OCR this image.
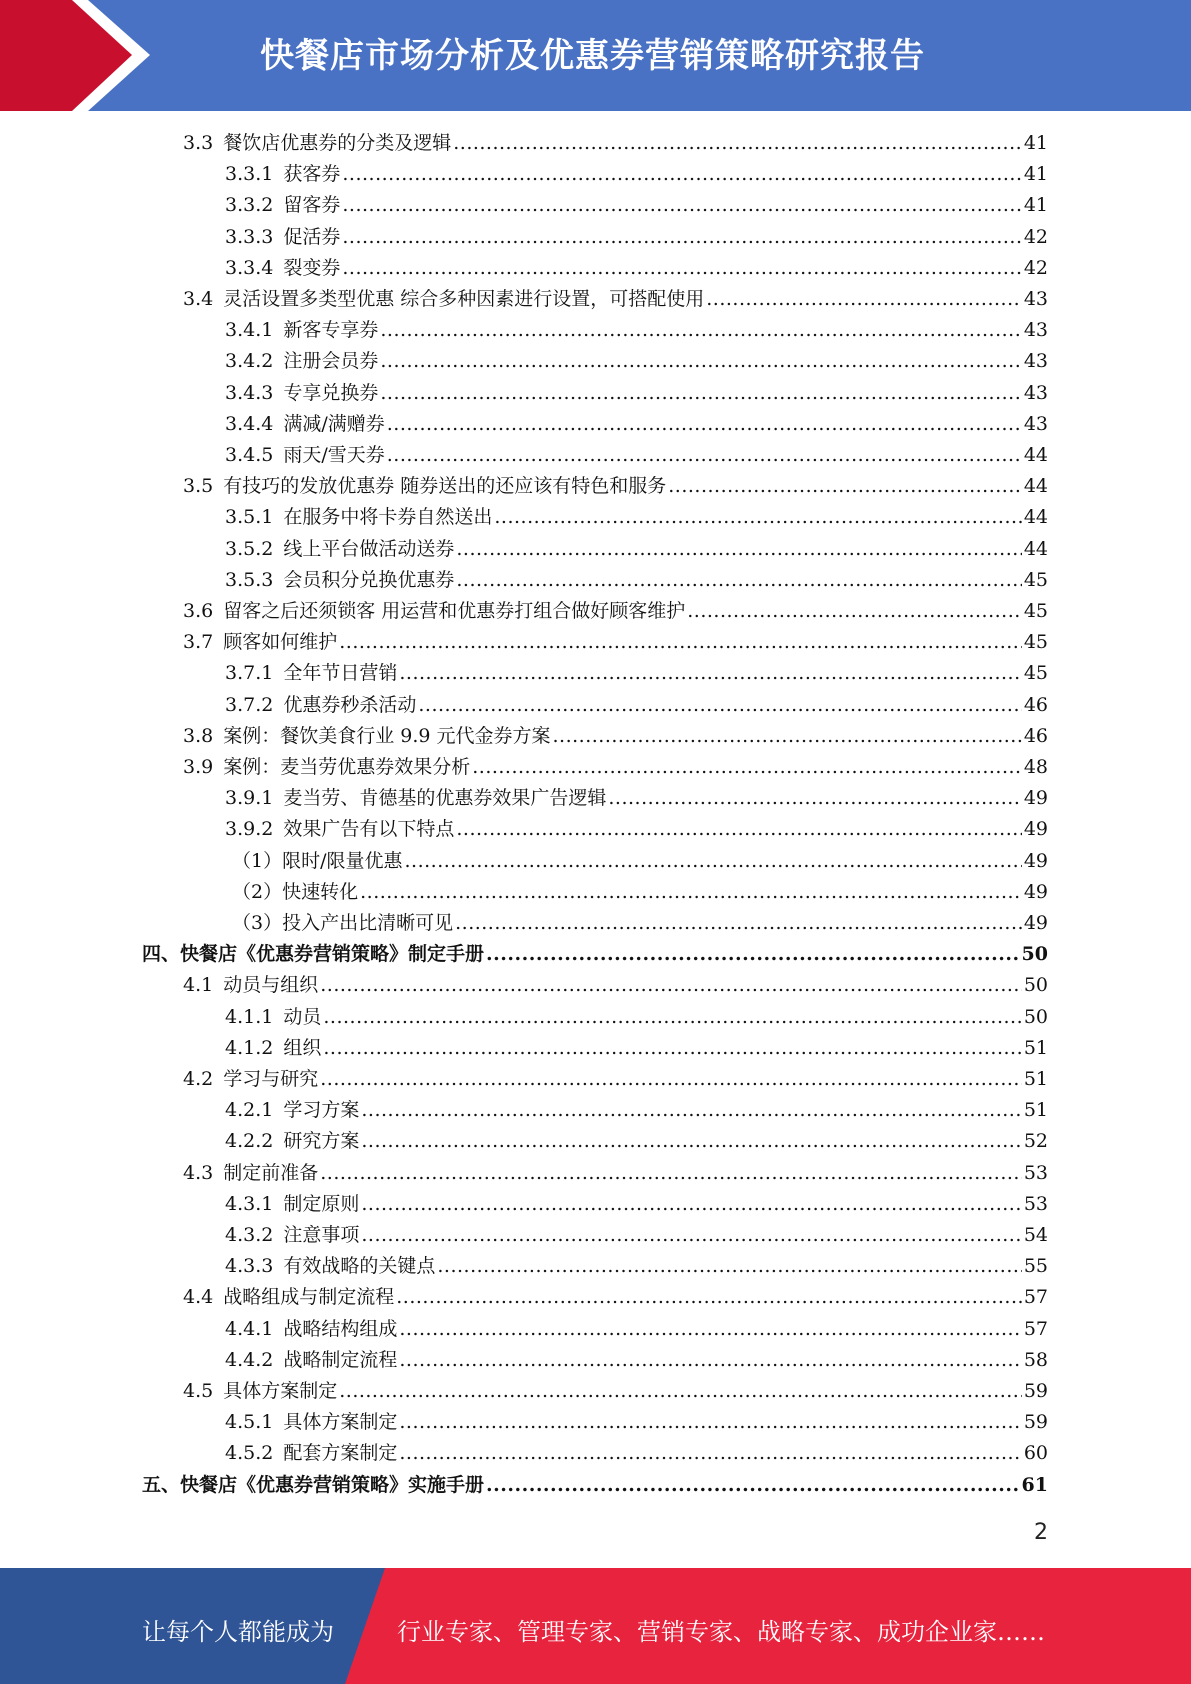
快餐店市场分析及优惠券营销策略研究报告
3.3 餐饮店优惠券的分类及逻辑 .....	41
3.3.1 获客券 .....	41
3.3.2 留客券 .....	41
3.3.3 促活券 .....	42
3.3.4 裂变券 .....	42
3.4 灵活设置多类型优惠 综合多种因素进行设置，可搭配使用 .....	43
3.4.1 新客专享券 .....	43
3.4.2 注册会员券 .....	43
3.4.3 专享兑换券 .....	43
3.4.4 满减/满赠券 .....	43
3.4.5 雨天/雪天券 .....	44
3.5 有技巧的发放优惠券 随券送出的还应该有特色和服务 .....	44
3.5.1 在服务中将卡券自然送出 .....	44
3.5.2 线上平台做活动送券 .....	44
3.5.3 会员积分兑换优惠券 .....	45
3.6 留客之后还须锁客 用运营和优惠券打组合做好顾客维护 .....	45
3.7 顾客如何维护 .....	45
3.7.1 全年节日营销 .....	45
3.7.2 优惠券秒杀活动 .....	46
3.8 案例：餐饮美食行业 9.9 元代金券方案 .....	46
3.9 案例：麦当劳优惠券效果分析 .....	48
3.9.1 麦当劳、肯德基的优惠券效果广告逻辑 .....	49
3.9.2 效果广告有以下特点 .....	49
（1） 限时/限量优惠 .....	49
（2） 快速转化 .....	49
（3） 投入产出比清晰可见 .....	49
四、快餐店《优惠券营销策略》制定手册 .....	50
4.1 动员与组织 .....	50
4.1.1 动员 .....	50
4.1.2 组织 .....	51
4.2 学习与研究 .....	51
4.2.1 学习方案 .....	51
4.2.2 研究方案 .....	52
4.3 制定前准备 .....	53
4.3.1 制定原则 .....	53
4.3.2 注意事项 .....	54
4.3.3 有效战略的关键点 .....	55
4.4 战略组成与制定流程 .....	57
4.4.1 战略结构组成 .....	57
4.4.2 战略制定流程 .....	58
4.5 具体方案制定 .....	59
4.5.1 具体方案制定 .....	59
4.5.2 配套方案制定 .....	60
五、快餐店《优惠券营销策略》实施手册 .....	61
2
让每个人都能成为	行业专家、管理专家、营销专家、战略专家、成功企业家……
